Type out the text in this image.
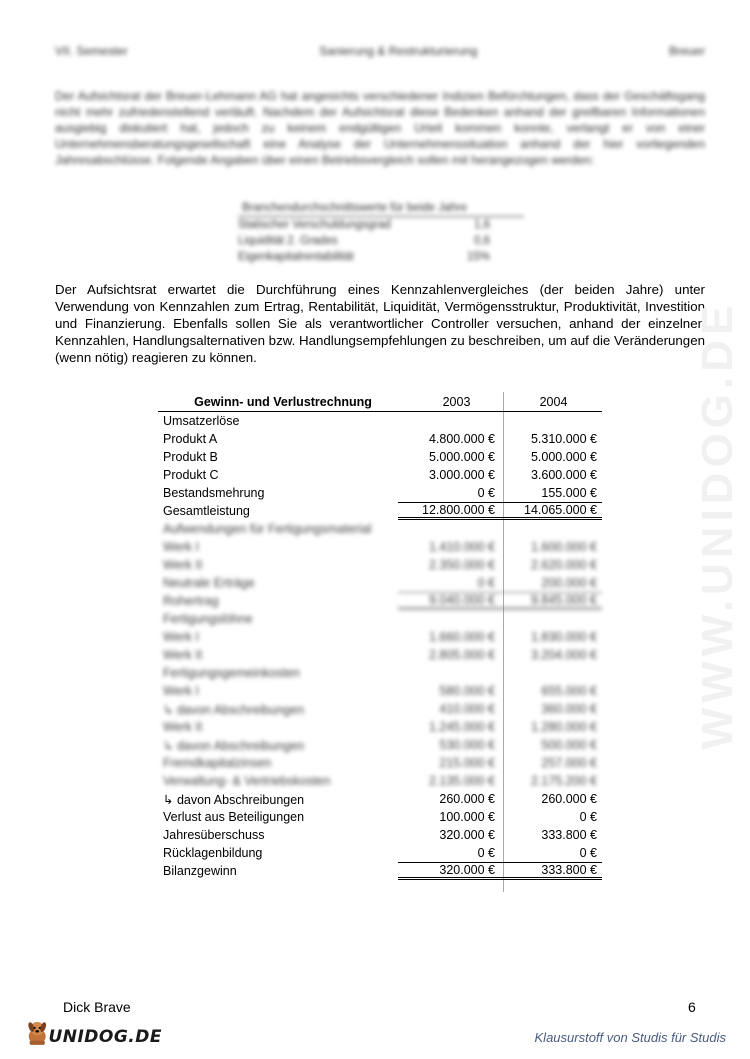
VII. Semester	Sanierung & Restrukturierung	Breuer
Der Aufsichtsrat der Breuer-Lehmann AG hat angesichts verschiedener Indizien Befürchtungen, dass der Geschäftsgang nicht mehr zufriedenstellend verläuft. Nachdem der Aufsichtsrat diese Bedenken anhand der greifbaren Informationen ausgiebig diskutiert hat, jedoch zu keinem endgültigen Urteil kommen konnte, verlangt er von einer Unternehmensberatungsgesellschaft eine Analyse der Unternehmenssituation anhand der hier vorliegenden Jahresabschlüsse. Folgende Angaben über einen Betriebsvergleich sollen mit herangezogen werden:
Branchendurchschnittswerte für beide Jahre
Statischer Verschuldungsgrad	1,6
Liquidität 2. Grades	0,6
Eigenkapitalrentabilität	15%
Der Aufsichtsrat erwartet die Durchführung eines Kennzahlenvergleiches (der beiden Jahre) unter Verwendung von Kennzahlen zum Ertrag, Rentabilität, Liquidität, Vermögensstruktur, Produktivität, Investition und Finanzierung. Ebenfalls sollen Sie als verantwortlicher Controller versuchen, anhand der einzelnen Kennzahlen, Handlungsalternativen bzw. Handlungsempfehlungen zu beschreiben, um auf die Veränderungen (wenn nötig) reagieren zu können.	WWW.UNIDOG.DE
Gewinn- und Verlustrechnung	2003	2004
Umsatzerlöse
Produkt A	4.800.000 €	5.310.000 €
Produkt B	5.000.000 €	5.000.000 €
Produkt C	3.000.000 €	3.600.000 €
Bestandsmehrung	0 €	155.000 €
Gesamtleistung	12.800.000 €	14.065.000 €
Aufwendungen für Fertigungsmaterial
Werk I	1.410.000 €	1.600.000 €
Werk II	2.350.000 €	2.620.000 €
Neutrale Erträge	0 €	200.000 €
Rohertrag	9.040.000 €	9.845.000 €
Fertigungslöhne
Werk I	1.660.000 €	1.830.000 €
Werk II	2.805.000 €	3.204.000 €
Fertigungsgemeinkosten
Werk I	580.000 €	655.000 €
↳ davon Abschreibungen	410.000 €	360.000 €
Werk II	1.245.000 €	1.280.000 €
↳ davon Abschreibungen	530.000 €	500.000 €
Fremdkapitalzinsen	215.000 €	257.000 €
Verwaltung- & Vertriebskosten	2.135.000 €	2.175.200 €
↳ davon Abschreibungen	260.000 €	260.000 €
Verlust aus Beteiligungen	100.000 €	0 €
Jahresüberschuss	320.000 €	333.800 €
Rücklagenbildung	0 €	0 €
Bilanzgewinn	320.000 €	333.800 €
Dick Brave	6
UNIDOG.DE	Klausurstoff von Studis für Studis
